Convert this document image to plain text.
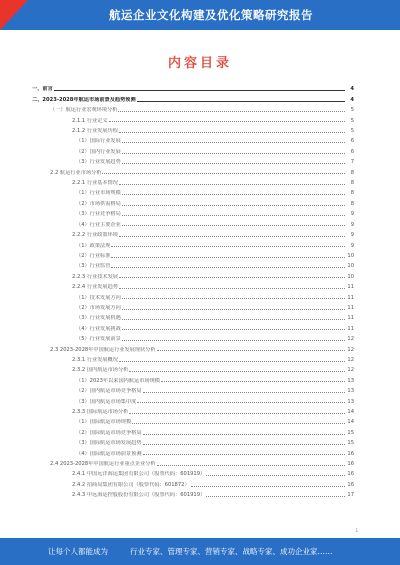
航运企业文化构建及优化策略研究报告
内容目录
一、前言	4
二、2023-2028年航运市场前景及趋势预测	4
（一）航运行业宏观环境分析	5
2.1.1 行业定义	5
2.1.2 行业发展历程	5
（1）国际行业发展	6
（2）国内行业发展	6
（3）行业发展趋势	7
2.2 航运行业市场分析	8
2.2.1 行业基本情况	8
（1）行业市场规模	8
（2）市场供需格局	8
（3）行业竞争格局	9
（4）行业主要企业	9
2.2.2 行业政策环境	9
（1）政策法规	9
（2）行业标准	10
（3）行业监管	10
2.2.3 行业技术发展	10
2.2.4 行业发展趋势	11
（1）技术发展方向	11
（2）市场发展方向	11
（3）行业发展机遇	11
（4）行业发展挑战	11
（5）行业发展前景	12
2.3 2023-2028年中国航运行业发展现状分析	12
2.3.1 行业发展概况	12
2.3.2 国内航运市场分析	12
（1）2023年以来国内航运市场规模	13
（2）国内航运市场竞争格局	13
（3）国内航运市场集中度	13
2.3.3 国际航运市场分析	14
（1）国际航运市场规模	14
（2）国际航运市场竞争格局	15
（3）国际航运市场发展趋势	15
（4）国际航运市场前景预测	16
2.4 2023-2028年中国航运行业重点企业分析	16
2.4.1 中国远洋海运集团有限公司（股票代码：601919）	16
2.4.2 招商局集团有限公司（股票代码：601872）	16
2.4.3 中远海运控股股份有限公司（股票代码：601919）	17
1
让每个人都能成为	行业专家、管理专家、营销专家、战略专家、成功企业家……
